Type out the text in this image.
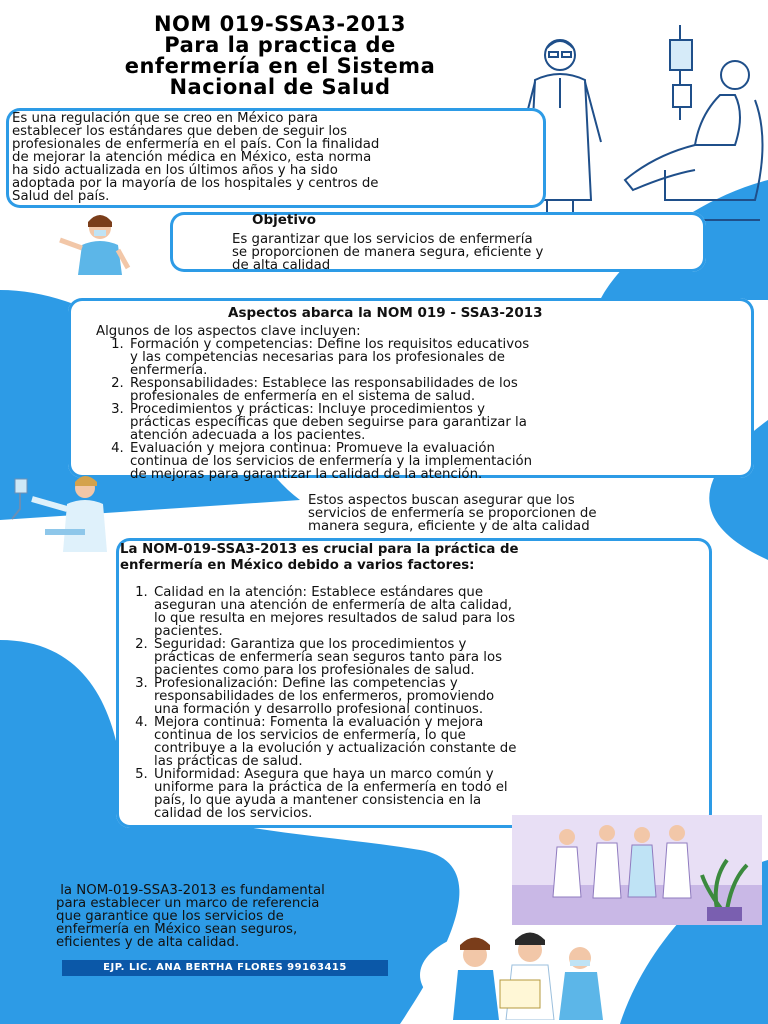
NOM 019-SSA3-2013
Para la practica de
enfermería en el Sistema
Nacional de Salud
Es una regulación que se creo en México para
establecer los estándares que deben de seguir los
profesionales de enfermería en el país. Con la finalidad
de mejorar la atención médica en México, esta norma
ha sido actualizada en los últimos años y ha sido
adoptada por la mayoría de los hospitales y centros de
Salud del país.
Objetivo
Es garantizar que los servicios de enfermería
se proporcionen de manera segura, eficiente y
de alta calidad
Aspectos abarca la NOM 019 - SSA3-2013
Algunos de los aspectos clave incluyen:
1. Formación y competencias: Define los requisitos educativos
y las competencias necesarias para los profesionales de
enfermería.
2. Responsabilidades: Establece las responsabilidades de los
profesionales de enfermería en el sistema de salud.
3. Procedimientos y prácticas: Incluye procedimientos y
prácticas específicas que deben seguirse para garantizar la
atención adecuada a los pacientes.
4. Evaluación y mejora continua: Promueve la evaluación
continua de los servicios de enfermería y la implementación
de mejoras para garantizar la calidad de la atención.
Estos aspectos buscan asegurar que los
servicios de enfermería se proporcionen de
manera segura, eficiente y de alta calidad
La NOM-019-SSA3-2013 es crucial para la práctica de
enfermería en México debido a varios factores:
1. Calidad en la atención: Establece estándares que
aseguran una atención de enfermería de alta calidad,
lo que resulta en mejores resultados de salud para los
pacientes.
2. Seguridad: Garantiza que los procedimientos y
prácticas de enfermería sean seguros tanto para los
pacientes como para los profesionales de salud.
3. Profesionalización: Define las competencias y
responsabilidades de los enfermeros, promoviendo
una formación y desarrollo profesional continuos.
4. Mejora continua: Fomenta la evaluación y mejora
continua de los servicios de enfermería, lo que
contribuye a la evolución y actualización constante de
las prácticas de salud.
5. Uniformidad: Asegura que haya un marco común y
uniforme para la práctica de la enfermería en todo el
país, lo que ayuda a mantener consistencia en la
calidad de los servicios.
la NOM-019-SSA3-2013 es fundamental
para establecer un marco de referencia
que garantice que los servicios de
enfermería en México sean seguros,
eficientes y de alta calidad.
EJP. LIC. ANA BERTHA FLORES 99163415
